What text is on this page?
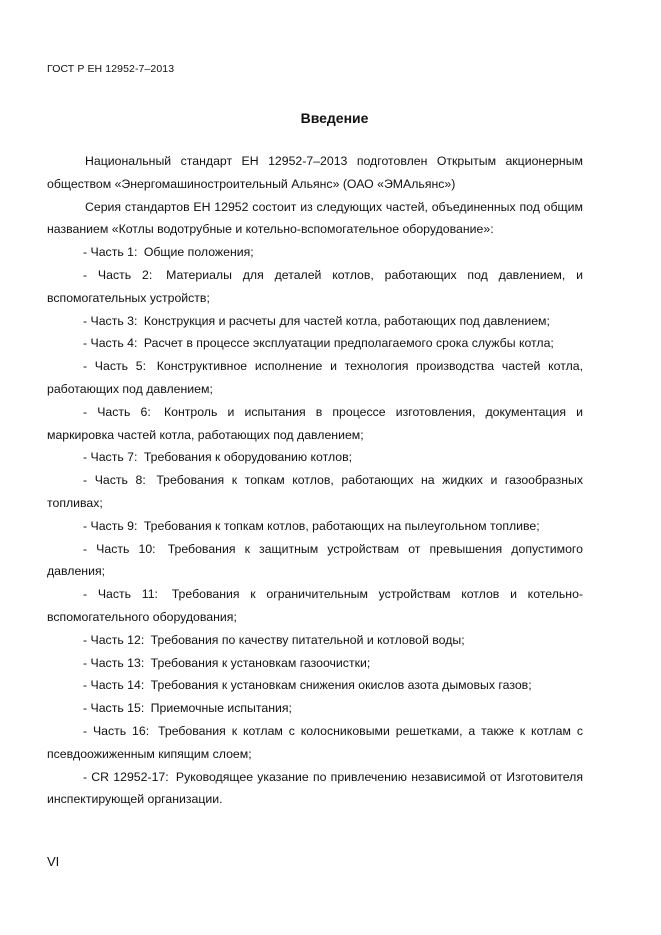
ГОСТ Р ЕН 12952-7–2013
Введение

Национальный стандарт ЕН 12952-7–2013 подготовлен Открытым акционерным обществом «Энергомашиностроительный Альянс» (ОАО «ЭМАльянс»)

Серия стандартов ЕН 12952 состоит из следующих частей, объединенных под общим названием «Котлы водотрубные и котельно-вспомогательное оборудование»:

- Часть 1: Общие положения;

- Часть 2: Материалы для деталей котлов, работающих под давлением, и вспомогательных устройств;

- Часть 3: Конструкция и расчеты для частей котла, работающих под давлением;

- Часть 4: Расчет в процессе эксплуатации предполагаемого срока службы котла;

- Часть 5: Конструктивное исполнение и технология производства частей котла, работающих под давлением;

- Часть 6: Контроль и испытания в процессе изготовления, документация и маркировка частей котла, работающих под давлением;

- Часть 7: Требования к оборудованию котлов;

- Часть 8: Требования к топкам котлов, работающих на жидких и газообразных топливах;

- Часть 9: Требования к топкам котлов, работающих на пылеугольном топливе;

- Часть 10: Требования к защитным устройствам от превышения допустимого давления;

- Часть 11: Требования к ограничительным устройствам котлов и котельно-вспомогательного оборудования;

- Часть 12: Требования по качеству питательной и котловой воды;

- Часть 13: Требования к установкам газоочистки;

- Часть 14: Требования к установкам снижения окислов азота дымовых газов;

- Часть 15: Приемочные испытания;

- Часть 16: Требования к котлам с колосниковыми решетками, а также к котлам с псевдоожиженным кипящим слоем;

- CR 12952-17: Руководящее указание по привлечению независимой от Изготовителя инспектирующей организации.

VI
